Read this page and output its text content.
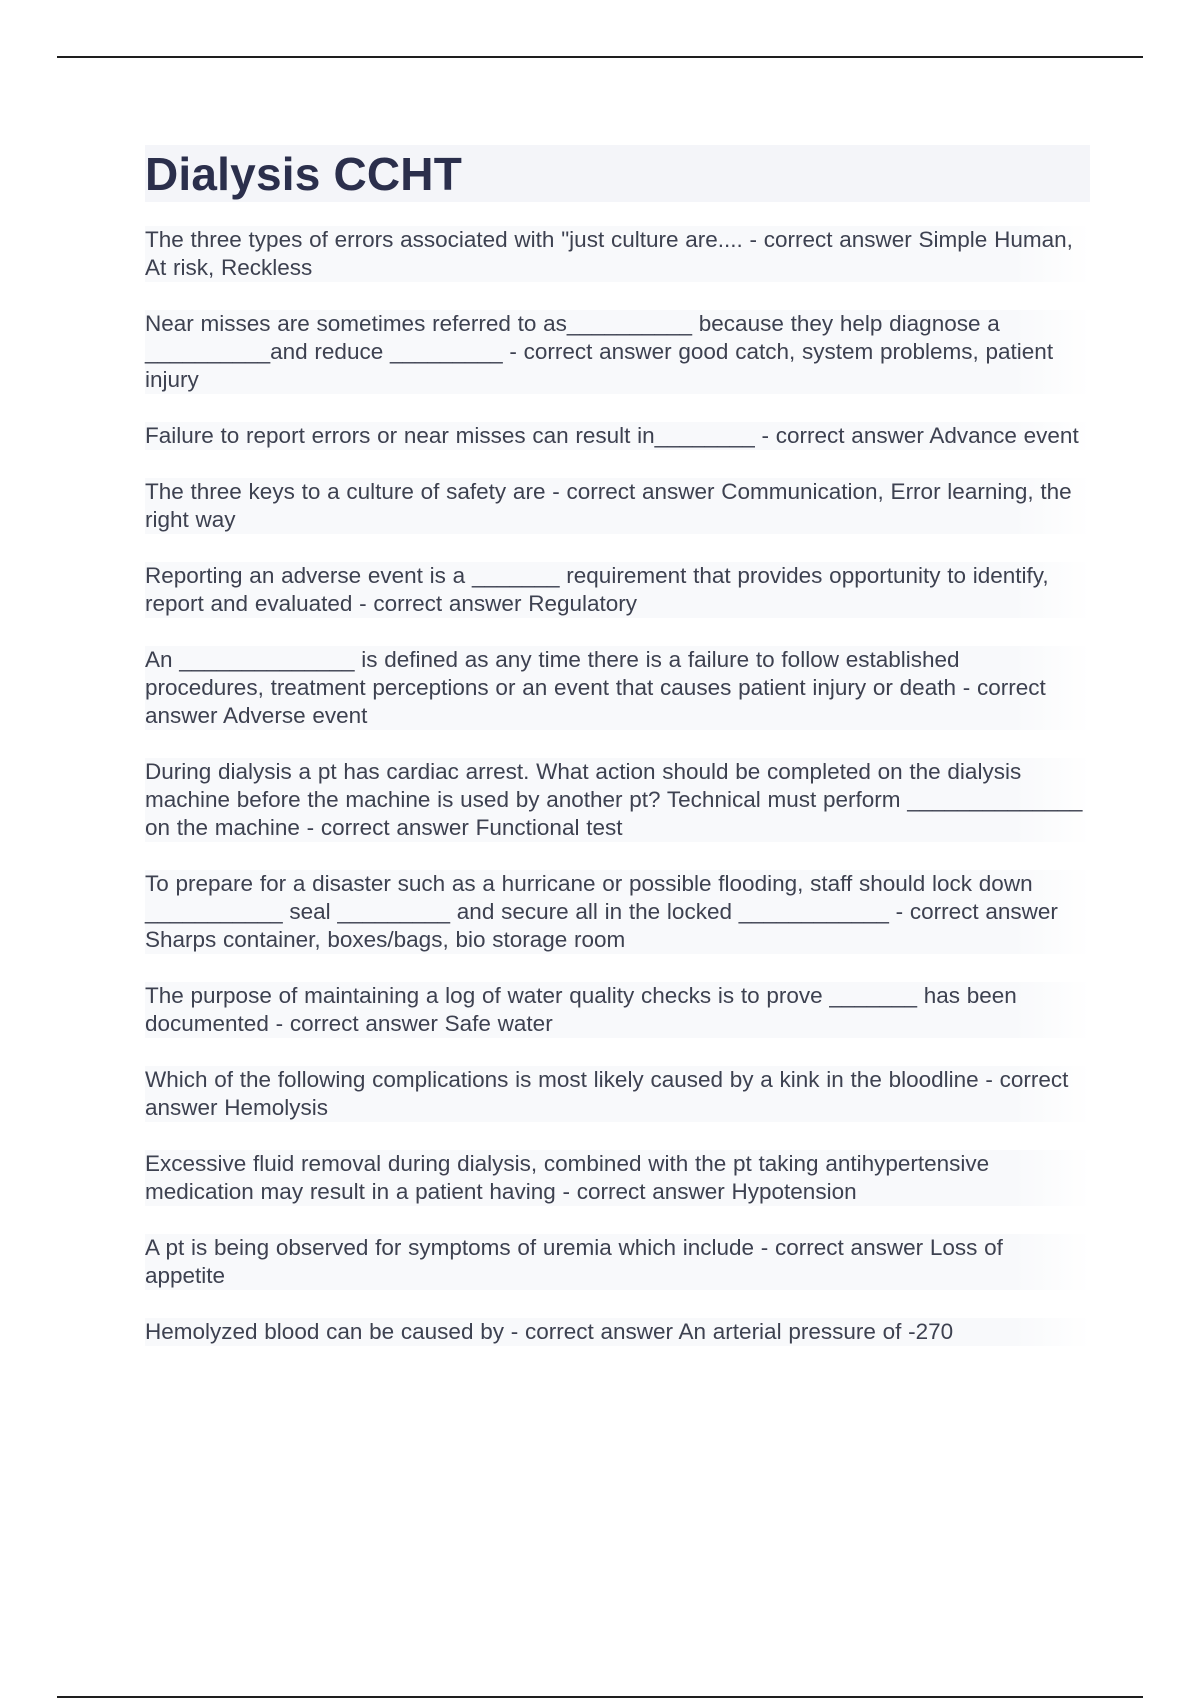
Dialysis CCHT

The three types of errors associated with "just culture are.... - correct answer Simple Human, At risk, Reckless

Near misses are sometimes referred to as__________ because they help diagnose a __________and reduce _________ - correct answer good catch, system problems, patient injury

Failure to report errors or near misses can result in________ - correct answer Advance event

The three keys to a culture of safety are - correct answer Communication, Error learning, the right way

Reporting an adverse event is a _______ requirement that provides opportunity to identify, report and evaluated - correct answer Regulatory

An ______________ is defined as any time there is a failure to follow established procedures, treatment perceptions or an event that causes patient injury or death - correct answer Adverse event

During dialysis a pt has cardiac arrest. What action should be completed on the dialysis machine before the machine is used by another pt? Technical must perform ______________ on the machine - correct answer Functional test

To prepare for a disaster such as a hurricane or possible flooding, staff should lock down ___________ seal _________ and secure all in the locked ____________ - correct answer Sharps container, boxes/bags, bio storage room

The purpose of maintaining a log of water quality checks is to prove _______ has been documented - correct answer Safe water

Which of the following complications is most likely caused by a kink in the bloodline - correct answer Hemolysis

Excessive fluid removal during dialysis, combined with the pt taking antihypertensive medication may result in a patient having - correct answer Hypotension

A pt is being observed for symptoms of uremia which include - correct answer Loss of appetite

Hemolyzed blood can be caused by - correct answer An arterial pressure of -270
